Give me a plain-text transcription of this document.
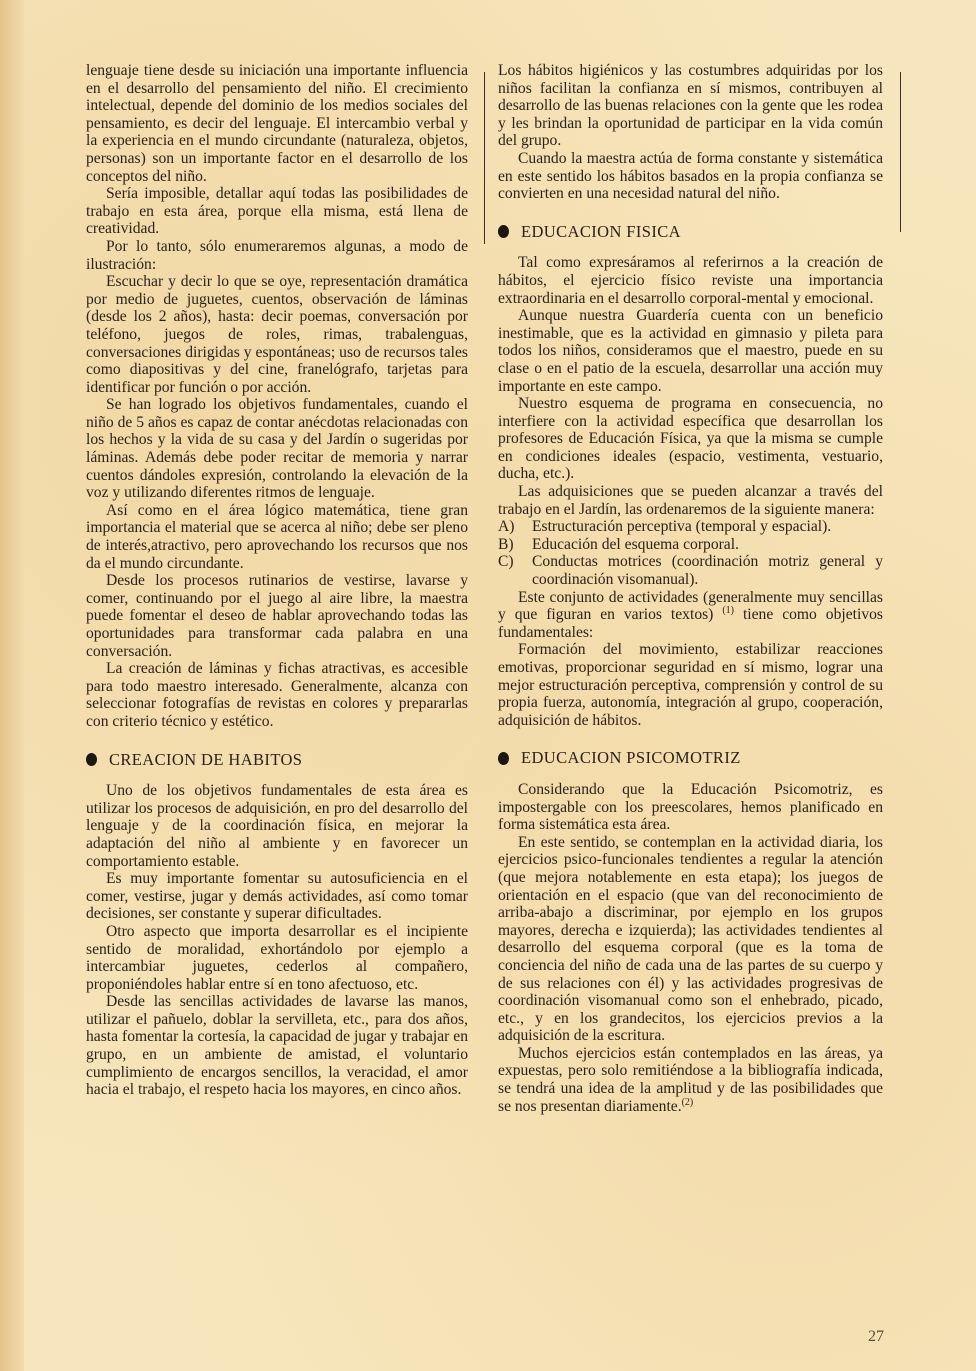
lenguaje tiene desde su iniciación una importante influencia en el desarrollo del pensamiento del niño. El crecimiento intelectual, depende del dominio de los medios sociales del pensamiento, es decir del lenguaje. El intercambio verbal y la experiencia en el mundo circundante (naturaleza, objetos, personas) son un importante factor en el desarrollo de los conceptos del niño.

Sería imposible, detallar aquí todas las posibilidades de trabajo en esta área, porque ella misma, está llena de creatividad.

Por lo tanto, sólo enumeraremos algunas, a modo de ilustración:

Escuchar y decir lo que se oye, representación dramática por medio de juguetes, cuentos, observación de láminas (desde los 2 años), hasta: decir poemas, conversación por teléfono, juegos de roles, rimas, trabalenguas, conversaciones dirigidas y espontáneas; uso de recursos tales como diapositivas y del cine, franelógrafo, tarjetas para identificar por función o por acción.

Se han logrado los objetivos fundamentales, cuando el niño de 5 años es capaz de contar anécdotas relacionadas con los hechos y la vida de su casa y del Jardín o sugeridas por láminas. Además debe poder recitar de memoria y narrar cuentos dándoles expresión, controlando la elevación de la voz y utilizando diferentes ritmos de lenguaje.

Así como en el área lógico matemática, tiene gran importancia el material que se acerca al niño; debe ser pleno de interés,atractivo, pero aprovechando los recursos que nos da el mundo circundante.

Desde los procesos rutinarios de vestirse, lavarse y comer, continuando por el juego al aire libre, la maestra puede fomentar el deseo de hablar aprovechando todas las oportunidades para transformar cada palabra en una conversación.

La creación de láminas y fichas atractivas, es accesible para todo maestro interesado. Generalmente, alcanza con seleccionar fotografías de revistas en colores y prepararlas con criterio técnico y estético.

CREACION DE HABITOS

Uno de los objetivos fundamentales de esta área es utilizar los procesos de adquisición, en pro del desarrollo del lenguaje y de la coordinación física, en mejorar la adaptación del niño al ambiente y en favorecer un comportamiento estable.

Es muy importante fomentar su autosuficiencia en el comer, vestirse, jugar y demás actividades, así como tomar decisiones, ser constante y superar dificultades.

Otro aspecto que importa desarrollar es el incipiente sentido de moralidad, exhortándolo por ejemplo a intercambiar juguetes, cederlos al compañero, proponiéndoles hablar entre sí en tono afectuoso, etc.

Desde las sencillas actividades de lavarse las manos, utilizar el pañuelo, doblar la servilleta, etc., para dos años, hasta fomentar la cortesía, la capacidad de jugar y trabajar en grupo, en un ambiente de amistad, el voluntario cumplimiento de encargos sencillos, la veracidad, el amor hacia el trabajo, el respeto hacia los mayores, en cinco años.

Los hábitos higiénicos y las costumbres adquiridas por los niños facilitan la confianza en sí mismos, contribuyen al desarrollo de las buenas relaciones con la gente que les rodea y les brindan la oportunidad de participar en la vida común del grupo.

Cuando la maestra actúa de forma constante y sistemática en este sentido los hábitos basados en la propia confianza se convierten en una necesidad natural del niño.

EDUCACION FISICA

Tal como expresáramos al referirnos a la creación de hábitos, el ejercicio físico reviste una importancia extraordinaria en el desarrollo corporal-mental y emocional.

Aunque nuestra Guardería cuenta con un beneficio inestimable, que es la actividad en gimnasio y pileta para todos los niños, consideramos que el maestro, puede en su clase o en el patio de la escuela, desarrollar una acción muy importante en este campo.

Nuestro esquema de programa en consecuencia, no interfiere con la actividad específica que desarrollan los profesores de Educación Física, ya que la misma se cumple en condiciones ideales (espacio, vestimenta, vestuario, ducha, etc.).

Las adquisiciones que se pueden alcanzar a través del trabajo en el Jardín, las ordenaremos de la siguiente manera:

A)	Estructuración perceptiva (temporal y espacial).
B)	Educación del esquema corporal.
C)	Conductas motrices (coordinación motriz general y coordinación visomanual).

Este conjunto de actividades (generalmente muy sencillas y que figuran en varios textos) $^{(1)}$ tiene como objetivos fundamentales:

Formación del movimiento, estabilizar reacciones emotivas, proporcionar seguridad en sí mismo, lograr una mejor estructuración perceptiva, comprensión y control de su propia fuerza, autonomía, integración al grupo, cooperación, adquisición de hábitos.

EDUCACION PSICOMOTRIZ

Considerando que la Educación Psicomotriz, es impostergable con los preescolares, hemos planificado en forma sistemática esta área.

En este sentido, se contemplan en la actividad diaria, los ejercicios psico-funcionales tendientes a regular la atención (que mejora notablemente en esta etapa); los juegos de orientación en el espacio (que van del reconocimiento de arriba-abajo a discriminar, por ejemplo en los grupos mayores, derecha e izquierda); las actividades tendientes al desarrollo del esquema corporal (que es la toma de conciencia del niño de cada una de las partes de su cuerpo y de sus relaciones con él) y las actividades progresivas de coordinación visomanual como son el enhebrado, picado, etc., y en los grandecitos, los ejercicios previos a la adquisición de la escritura.

Muchos ejercicios están contemplados en las áreas, ya expuestas, pero solo remitiéndose a la bibliografía indicada, se tendrá una idea de la amplitud y de las posibilidades que se nos presentan diariamente.$^{(2)}$

27
